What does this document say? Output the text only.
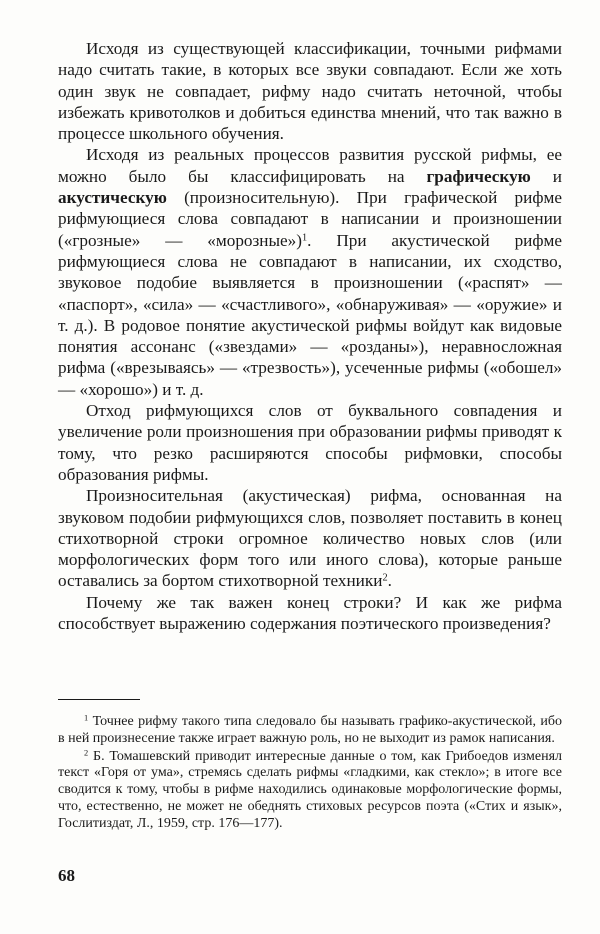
Исходя из существующей классификации, точными рифмами надо считать такие, в которых все звуки совпадают. Если же хоть один звук не совпадает, рифму надо считать неточной, чтобы избежать кривотолков и добиться единства мнений, что так важно в процессе школьного обучения.

Исходя из реальных процессов развития русской рифмы, ее можно было бы классифицировать на графическую и акустическую (произносительную). При графической рифме рифмующиеся слова совпадают в написании и произношении («грозные» — «морозные»)$^1$. При акустической рифме рифмующиеся слова не совпадают в написании, их сходство, звуковое подобие выявляется в произношении («распят» — «паспорт», «сила» — «счастливого», «обнаруживая» — «оружие» и т. д.). В родовое понятие акустической рифмы войдут как видовые понятия ассонанс («звездами» — «розданы»), неравносложная рифма («врезываясь» — «трезвость»), усеченные рифмы («обошел» — «хорошо») и т. д.

Отход рифмующихся слов от буквального совпадения и увеличение роли произношения при образовании рифмы приводят к тому, что резко расширяются способы рифмовки, способы образования рифмы.

Произносительная (акустическая) рифма, основанная на звуковом подобии рифмующихся слов, позволяет поставить в конец стихотворной строки огромное количество новых слов (или морфологических форм того или иного слова), которые раньше оставались за бортом стихотворной техники$^2$.

Почему же так важен конец строки? И как же рифма способствует выражению содержания поэтического произведения?

$^1$ Точнее рифму такого типа следовало бы называть графико-акустической, ибо в ней произнесение также играет важную роль, но не выходит из рамок написания.

$^2$ Б. Томашевский приводит интересные данные о том, как Грибоедов изменял текст «Горя от ума», стремясь сделать рифмы «гладкими, как стекло»; в итоге все сводится к тому, чтобы в рифме находились одинаковые морфологические формы, что, естественно, не может не обеднять стиховых ресурсов поэта («Стих и язык», Гослитиздат, Л., 1959, стр. 176—177).

68
